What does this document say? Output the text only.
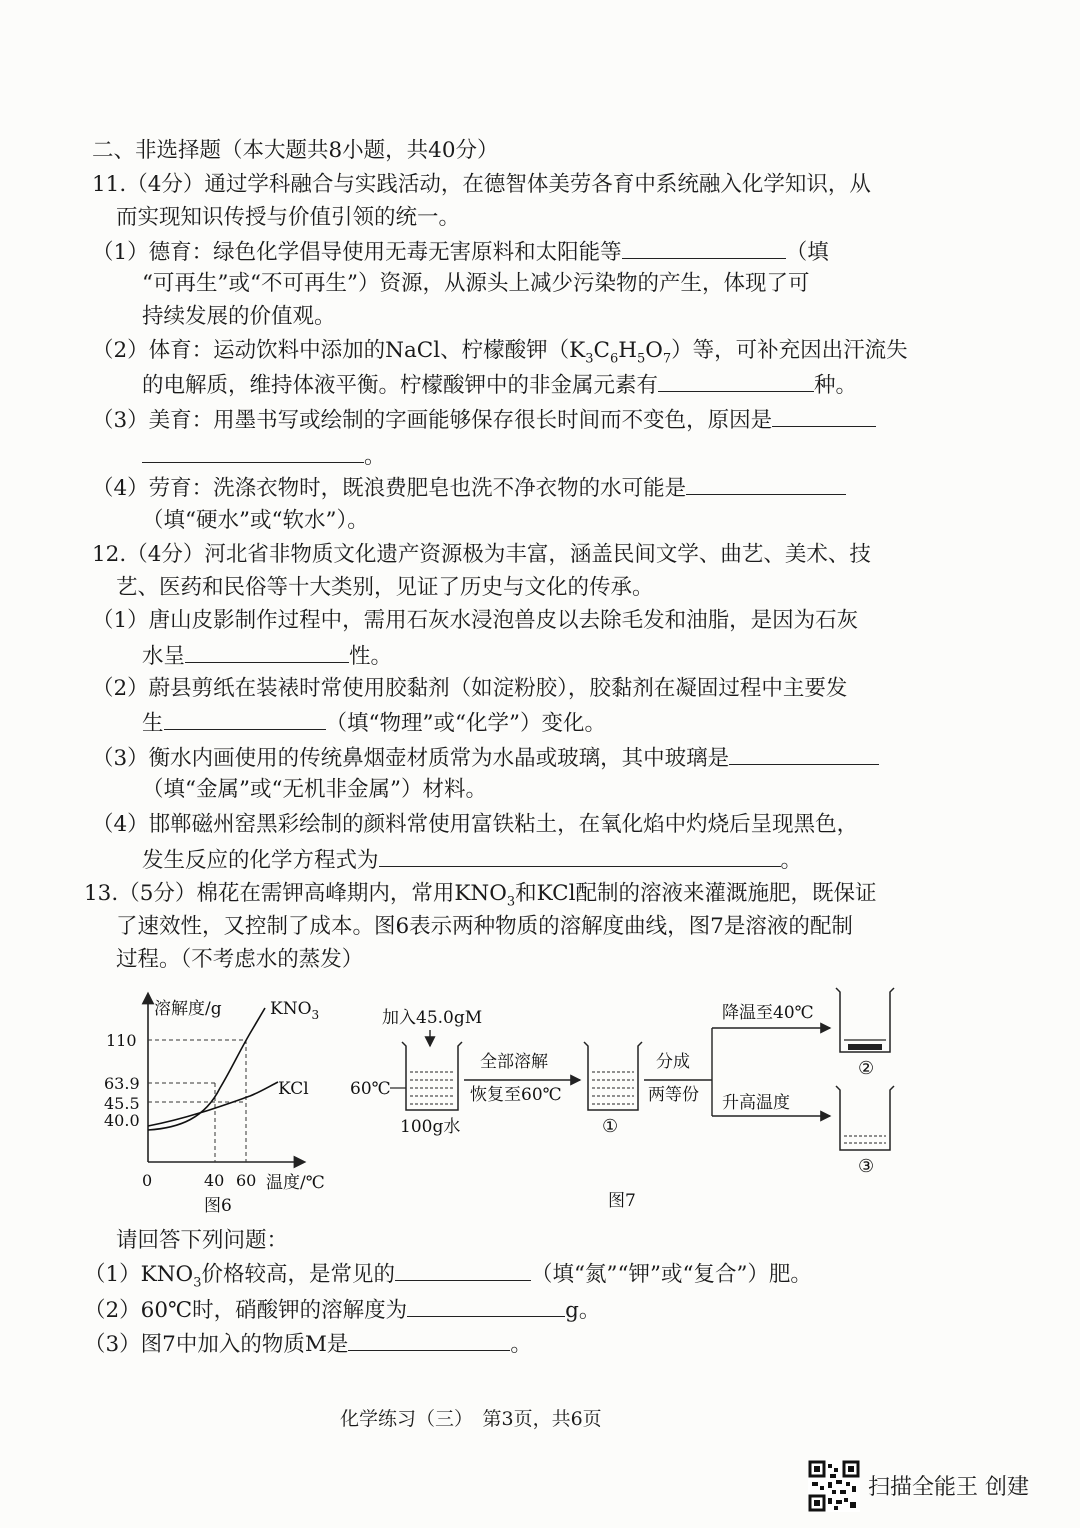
二、非选择题（本大题共8小题，共40分）
11.（4分）通过学科融合与实践活动，在德智体美劳各育中系统融入化学知识，从
而实现知识传授与价值引领的统一。
（1）德育：绿色化学倡导使用无毒无害原料和太阳能等	（填
“可再生”或“不可再生”）资源，从源头上减少污染物的产生，体现了可
持续发展的价值观。
（2）体育：运动饮料中添加的NaCl、柠檬酸钾$(K_3C_6H_5O_7)$等，可补充因出汗流失
的电解质，维持体液平衡。柠檬酸钾中的非金属元素有	种。
（3）美育：用墨书写或绘制的字画能够保存很长时间而不变色，原因是
。
（4）劳育：洗涤衣物时，既浪费肥皂也洗不净衣物的水可能是
（填“硬水”或“软水”）。
12.（4分）河北省非物质文化遗产资源极为丰富，涵盖民间文学、曲艺、美术、技
艺、医药和民俗等十大类别，见证了历史与文化的传承。
（1）唐山皮影制作过程中，需用石灰水浸泡兽皮以去除毛发和油脂，是因为石灰
水呈	性。
（2）蔚县剪纸在装裱时常使用胶黏剂（如淀粉胶），胶黏剂在凝固过程中主要发
生	（填“物理”或“化学”）变化。
（3）衡水内画使用的传统鼻烟壶材质常为水晶或玻璃，其中玻璃是
（填“金属”或“无机非金属”）材料。
（4）邯郸磁州窑黑彩绘制的颜料常使用富铁粘土，在氧化焰中灼烧后呈现黑色，
发生反应的化学方程式为	。
13.（5分）棉花在需钾高峰期内，常用$KNO_3$和KCl配制的溶液来灌溉施肥，既保证
了速效性，又控制了成本。图6表示两种物质的溶解度曲线，图7是溶液的配制
过程。（不考虑水的蒸发）
溶解度/g	$KNO_3$
KCl
110
63.9
45.5
40.0
0	40 60 温度/℃
图6
加入45.0gM
60℃
100g水
全部溶解
恢复至60℃
①
分成
两等份
降温至40℃
升高温度
②
③
图7
请回答下列问题：
$(1)KNO_3$价格较高，是常见的	（填“氮”“钾”或“复合”）肥。
（2）60℃时，硝酸钾的溶解度为	g。
（3）图7中加入的物质M是	。
化学练习（三）　第3页，共6页
扫描全能王 创建
